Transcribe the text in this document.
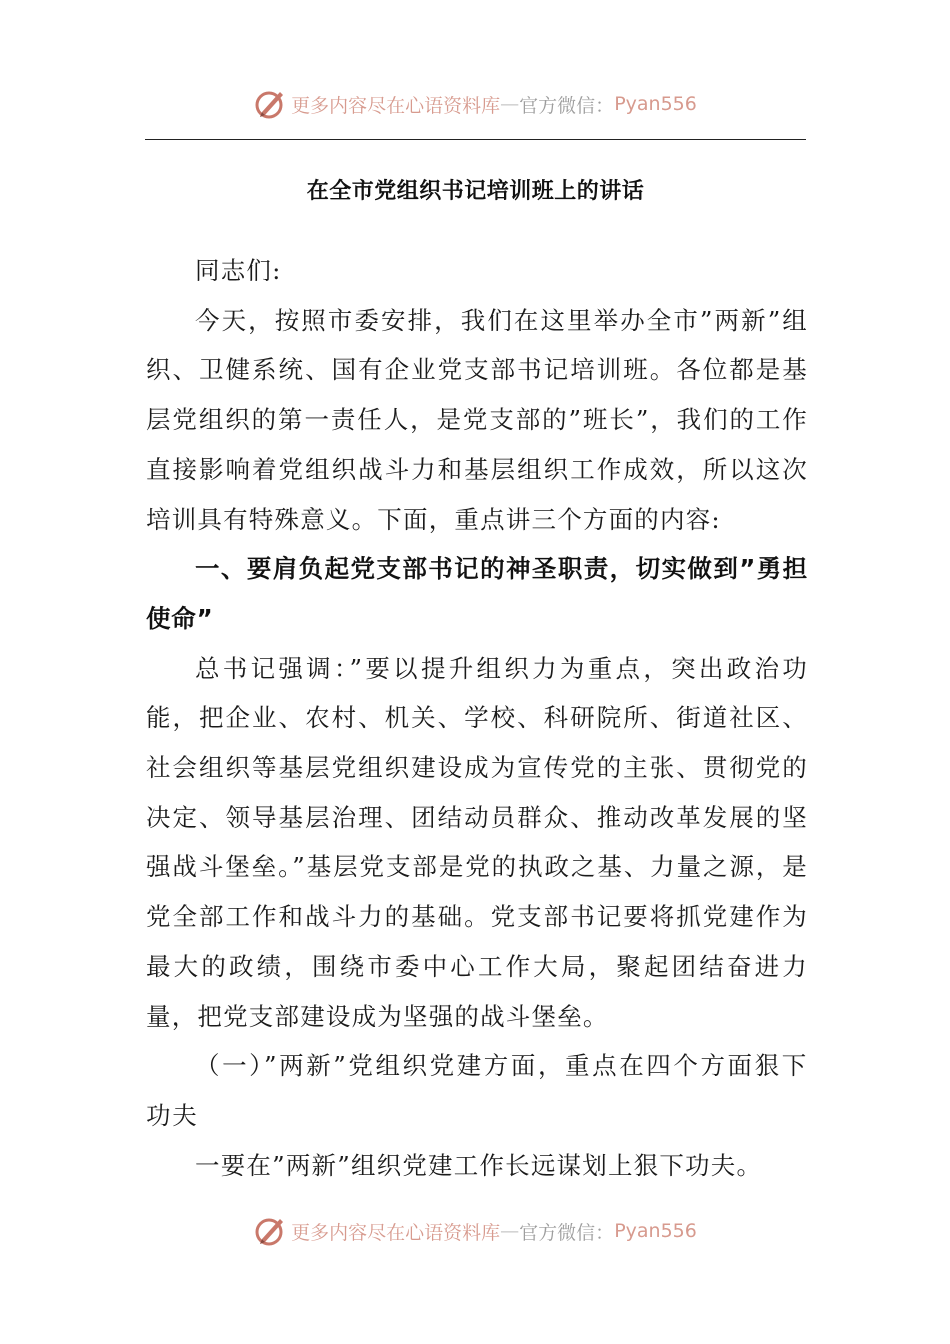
更多内容尽在心语资料库 — 官方微信： Pyan556
在全市党组织书记培训班上的讲话

同志们:

今天，按照市委安排，我们在这里举办全市”两新”组织、卫健系统、国有企业党支部书记培训班。各位都是基层党组织的第一责任人，是党支部的”班长”，我们的工作直接影响着党组织战斗力和基层组织工作成效，所以这次培训具有特殊意义。下面，重点讲三个方面的内容:

一、要肩负起党支部书记的神圣职责，切实做到”勇担使命”

总书记强调：”要以提升组织力为重点，突出政治功能，把企业、农村、机关、学校、科研院所、街道社区、社会组织等基层党组织建设成为宣传党的主张、贯彻党的决定、领导基层治理、团结动员群众、推动改革发展的坚强战斗堡垒。”基层党支部是党的执政之基、力量之源，是党全部工作和战斗力的基础。党支部书记要将抓党建作为最大的政绩，围绕市委中心工作大局，聚起团结奋进力量，把党支部建设成为坚强的战斗堡垒。

（一）”两新”党组织党建方面，重点在四个方面狠下功夫

一要在”两新”组织党建工作长远谋划上狠下功夫。

更多内容尽在心语资料库 — 官方微信： Pyan556
